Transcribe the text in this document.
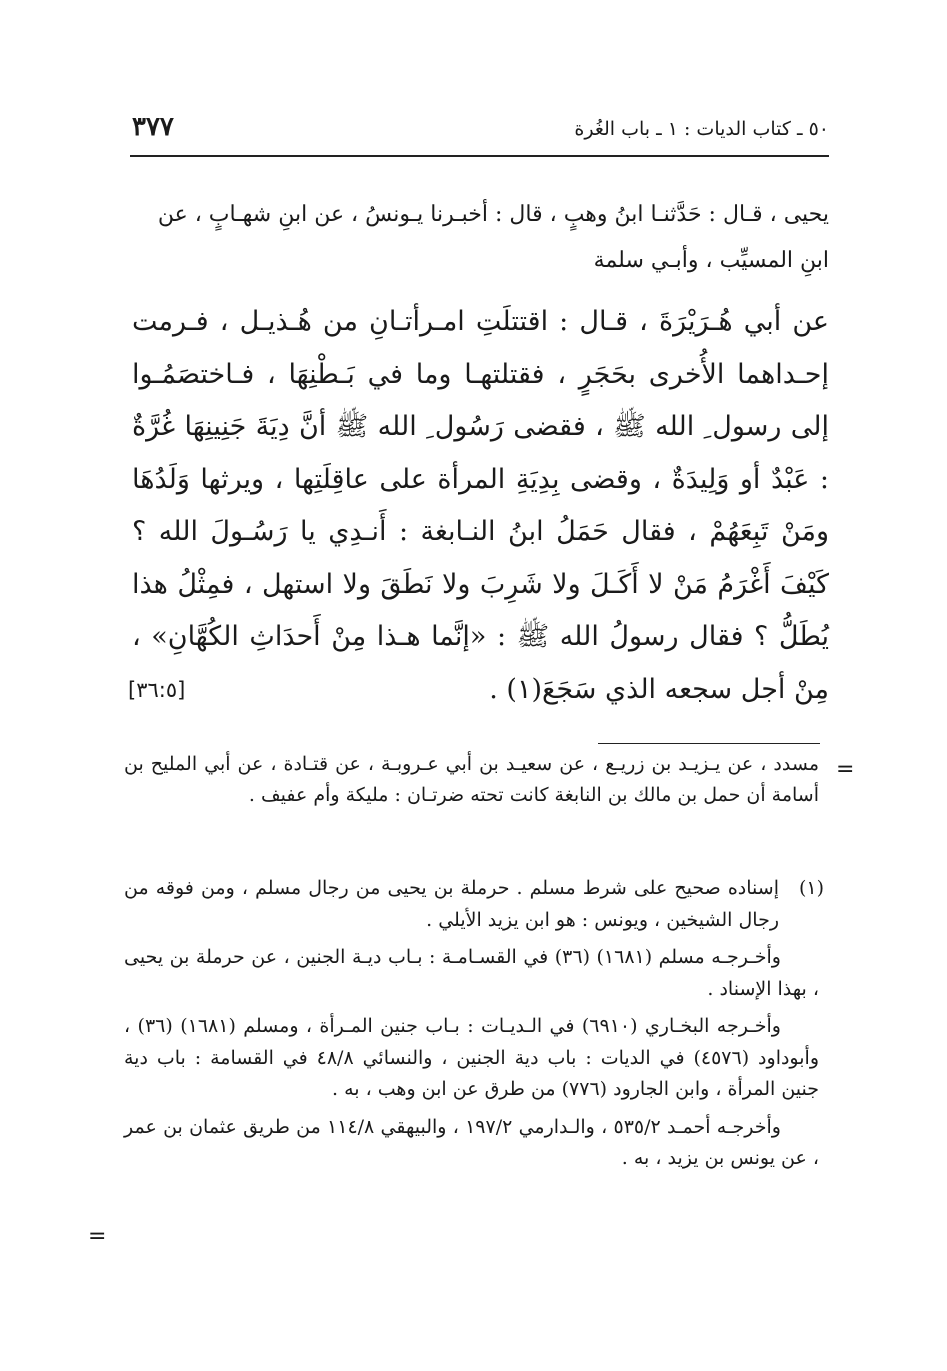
٥٠ ـ كتاب الديات : ١ ـ باب الغُرة
٣٧٧
يحيى ، قـال : حَدَّثنـا ابنُ وهبٍ ، قال : أخبـرنا يـونسُ ، عن ابنِ شهـابٍ ، عن ابنِ المسيِّب ، وأبـي سلمة
عن أبي هُـرَيْرَةَ ، قـال : اقتتلَتِ امـرأتـانِ من هُـذيـل ، فـرمت إحـداهما الأُخرى بحَجَرٍ ، فقتلتهـا وما في بَـطْنِهَا ، فـاختصَمُـوا إلى رسول ِ الله ﷺ ، فقضى رَسُول ِ الله ﷺ أنَّ دِيَةَ جَنِينِهَا غُرَّةٌ : عَبْدٌ أو وَلِيدَةٌ ، وقضى بِدِيَةِ المرأة على عاقِلَتِها ، ويرثها وَلَدُهَا ومَنْ تَبِعَهُمْ ، فقال حَمَلُ ابنُ النـابغة : أَنـدِي يا رَسُـولَ الله ؟ كَيْفَ أَغْرَمُ مَنْ لا أَكَـلَ ولا شَرِبَ ولا نَطَقَ ولا استهل ، فمِثْلُ هذا يُطَلُّ ؟ فقال رسولُ الله ﷺ : «إنَّما هـذا مِنْ أَحدَاثِ الكُهَّانِ» ، مِنْ أجل سجعه الذي سَجَعَ(١) .
[٣٦:٥]
=
مسدد ، عن يـزيـد بن زريـع ، عن سعيـد بن أبي عـروبـة ، عن قتـادة ، عن أبي المليح بن أسامة أن حمل بن مالك بن النابغة كانت تحته ضرتـان : مليكة وأم عفيف .
(١)

إسناده صحيح على شرط مسلم . حرملة بن يحيى من رجال مسلم ، ومن فوقه من رجال الشيخين ، ويونس : هو ابن يزيد الأيلي .

وأخـرجـه مسلم (١٦٨١) (٣٦) في القسـامـة : بـاب ديـة الجنين ، عن حرملة بن يحيى ، بهذا الإسناد .

وأخـرجه البخـاري (٦٩١٠) في الـديـات : بـاب جنين المـرأة ، ومسلم (١٦٨١) (٣٦) ، وأبوداود (٤٥٧٦) في الديات : باب دية الجنين ، والنسائي ٤٨/٨ في القسامة : باب دية جنين المرأة ، وابن الجارود (٧٧٦) من طرق عن ابن وهب ، به .

وأخرجـه أحمـد ٥٣٥/٢ ، والـدارمي ١٩٧/٢ ، والبيهقي ١١٤/٨ من طريق عثمان بن عمر ، عن يونس بن يزيد ، به .

=
